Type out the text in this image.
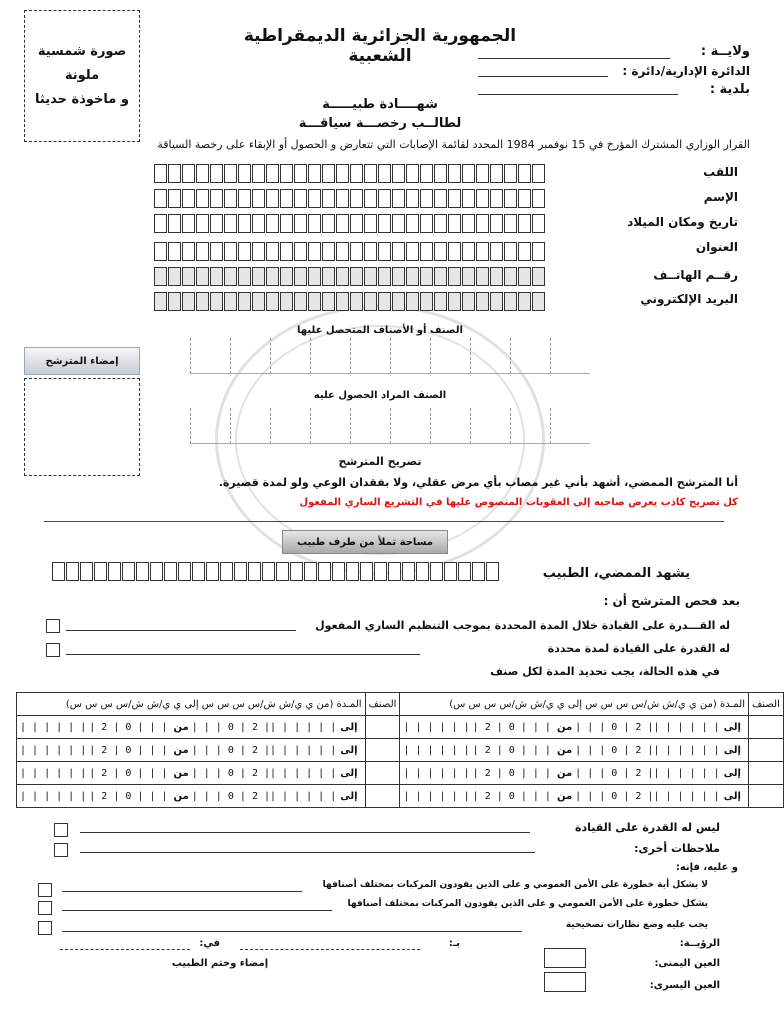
صورة شمسية ملونة
و ماخوذة حديثا
الجمهورية الجزائرية الديمقراطية الشعبية	ولايــة :
الدائرة الإدارية/دائرة :
بلدية :
شهــــادة طبيـــــة
لطالــب رخصـــة سياقـــة
القرار الوزاري المشترك المؤرخ في 15 نوفمبر 1984 المحدد لقائمة الإصابات التي تتعارض و الحصول أو الإبقاء على رخصة السياقة
اللقب
الإسم
تاريخ ومكان الميلاد
العنوان
رقــم الهاتــف
البريد الإلكتروني
إمضاء المترشح
الصنف أو الأصناف المتحصل عليها
الصنف المراد الحصول عليه
تصريح المترشح
أنا المترشح الممضي، أشهد بأني غير مصاب بأي مرض عقلي، ولا بفقدان الوعي ولو لمدة قصيرة.
كل تصريح كاذب يعرض صاحبه إلى العقوبات المنصوص عليها في التشريع الساري المفعول
مساحة تملأ من طرف طبيب
يشهد الممضي، الطبيب
بعد فحص المترشح أن :
له القـــدرة على القيادة خلال المدة المحددة بموجب التنظيم الساري المفعول
له القدرة على القيادة لمدة محددة
في هذه الحالة، يجب تحديد المدة لكل صنف
المـدة (من ي ي/ش ش/س س س س إلى ي ي/ش ش/س س س س)	الصنف	المـدة (من ي ي/ش ش/س س س س إلى ي ي/ش ش/س س س س)	الصنف
| | | | | | | 2 | 0 | | | إلى| | | | | || 2 | 0 | | |من		| | | | | | | 2 | 0 | | | إلى| | | | | || 2 | 0 | | |من	
| | | | | | | 2 | 0 | | | إلى| | | | | || 2 | 0 | | |من		| | | | | | | 2 | 0 | | | إلى| | | | | || 2 | 0 | | |من	
| | | | | | | 2 | 0 | | | إلى| | | | | || 2 | 0 | | |من		| | | | | | | 2 | 0 | | | إلى| | | | | || 2 | 0 | | |من	
| | | | | | | 2 | 0 | | | إلى| | | | | || 2 | 0 | | |من		| | | | | | | 2 | 0 | | | إلى| | | | | || 2 | 0 | | |من	
ليس له القدرة على القيادة
ملاحظات أخرى:
و عليه، فإنه:
لا يشكل أية خطورة على الأمن العمومي و على الذين يقودون المركبات بمختلف أصنافها
يشكل خطورة على الأمن العمومي و على الذين يقودون المركبات بمختلف أصنافها
يجب عليه وضع نظارات تصحيحية
الرؤيــة:
العين اليمنى:
العين اليسرى:
بـ:
في:
إمضاء وختم الطبيب
